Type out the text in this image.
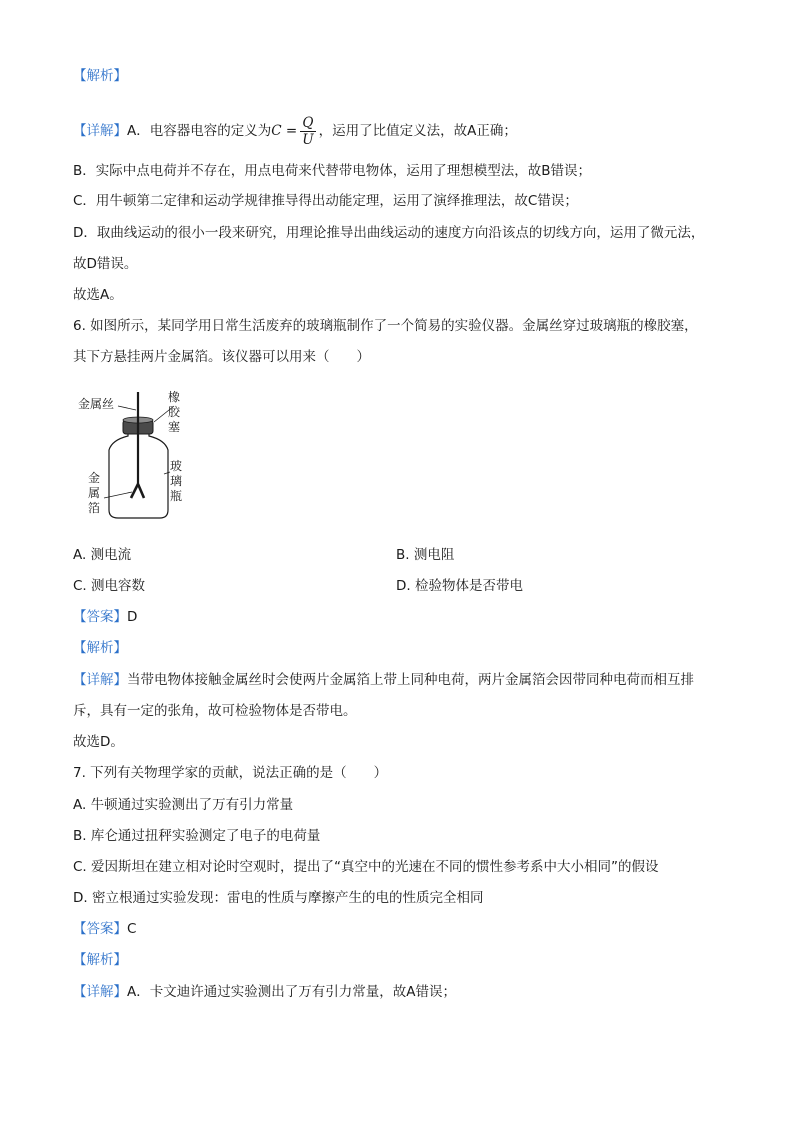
【解析】
【详解】A．电容器电容的定义为$C = \frac{Q}{U}$ ，运用了比值定义法，故A正确；
B．实际中点电荷并不存在，用点电荷来代替带电物体，运用了理想模型法，故B错误；
C．用牛顿第二定律和运动学规律推导得出动能定理，运用了演绎推理法，故C错误；
D．取曲线运动的很小一段来研究，用理论推导出曲线运动的速度方向沿该点的切线方向，运用了微元法，
故D错误。
故选A。
6. 如图所示，某同学用日常生活废弃的玻璃瓶制作了一个简易的实验仪器。金属丝穿过玻璃瓶的橡胶塞，
其下方悬挂两片金属箔。该仪器可以用来（　　）
金属丝	橡
胶
塞
玻
璃
瓶
金
属
箔
A. 测电流	B. 测电阻
C. 测电容数	D. 检验物体是否带电
【答案】D
【解析】
【详解】当带电物体接触金属丝时会使两片金属箔上带上同种电荷，两片金属箔会因带同种电荷而相互排
斥，具有一定的张角，故可检验物体是否带电。
故选D。
7. 下列有关物理学家的贡献，说法正确的是（　　）
A. 牛顿通过实验测出了万有引力常量
B. 库仑通过扭秤实验测定了电子的电荷量
C. 爱因斯坦在建立相对论时空观时，提出了“真空中的光速在不同的惯性参考系中大小相同”的假设
D. 密立根通过实验发现：雷电的性质与摩擦产生的电的性质完全相同
【答案】C
【解析】
【详解】A．卡文迪许通过实验测出了万有引力常量，故A错误；
